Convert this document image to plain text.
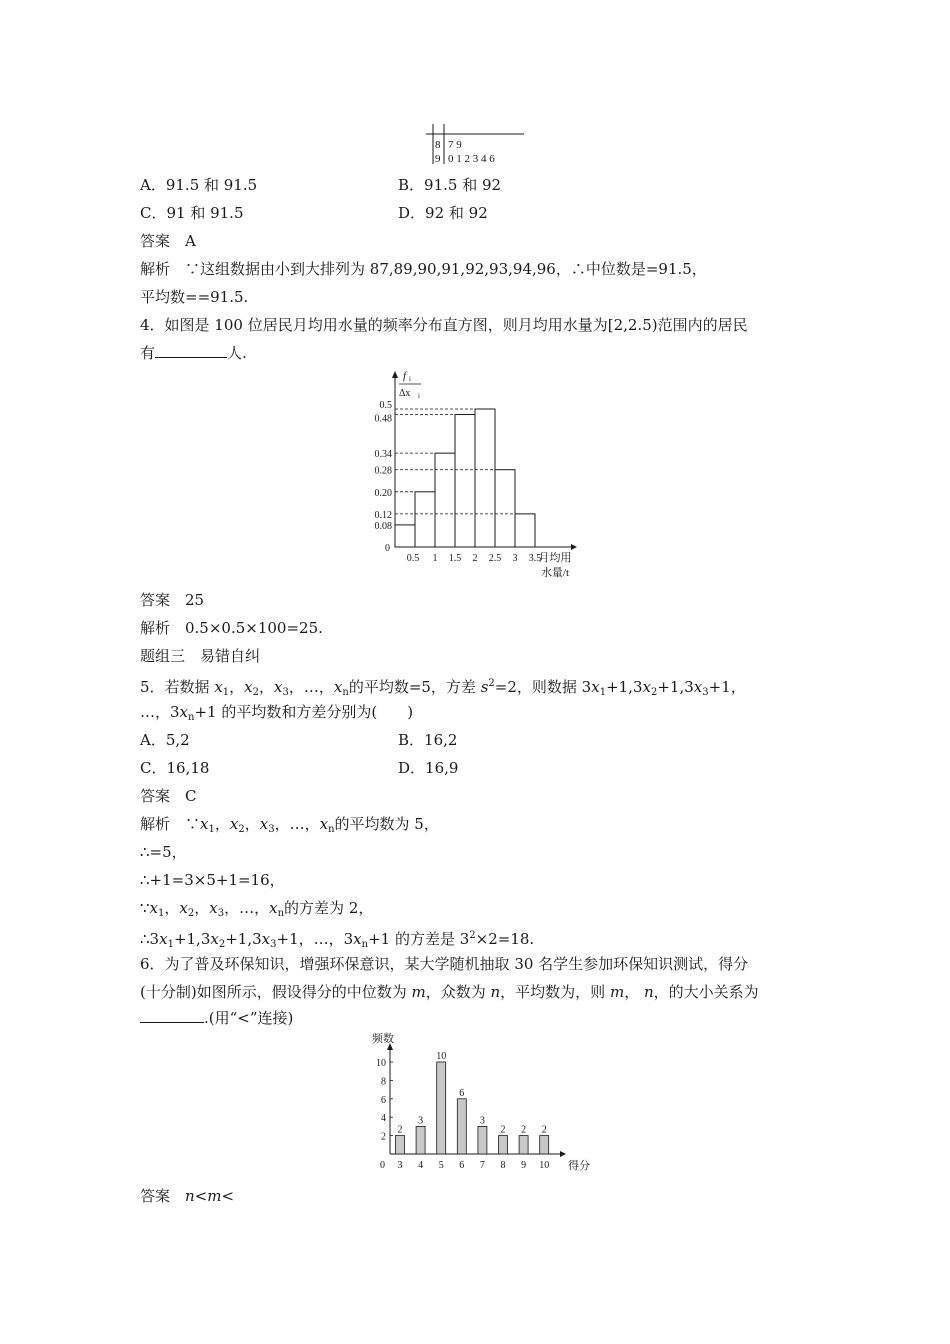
8 7 9
9 0 1 2 3 4 6
A．91.5 和 91.5	B．91.5 和 92
C．91 和 91.5	D．92 和 92
答案　A
解析　∵这组数据由小到大排列为 87,89,90,91,92,93,94,96，∴中位数是=91.5，
平均数==91.5.
4．如图是 100 位居民月均用水量的频率分布直方图，则月均用水量为[2,2.5)范围内的居民
有	人.
f i
Δx i
0.5
0.48
0.34
0.28
0.20
0.12
0.08
0
0.5 1 1.5 2 2.5 3 3.5
月均用
水量/t
答案　25
解析　0.5×0.5×100=25.
题组三　易错自纠
5．若数据 $x_1$，$x_2$，$x_3$，…，$x_n$的平均数=5，方差 $s^2=2$，则数据 $3x_1+1,3x_2+1,3x_3+1$，
…，$3x_n+1$ 的平均数和方差分别为(　　)
A．5,2	B．16,2
C．16,18	D．16,9
答案　C
解析　$\because x_1$，$x_2$，$x_3$，…，$x_n$的平均数为 5，
∴=5，
∴+1=3×5+1=16，
$\because x_1$，$x_2$，$x_3$，…，$x_n$的方差为 2，
$\therefore 3x_1+1,3x_2+1,3x_3+1$，…，$3x_n+1$ 的方差是 $3^2\times 2=18$.
6．为了普及环保知识，增强环保意识，某大学随机抽取 30 名学生参加环保知识测试，得分
(十分制)如图所示，假设得分的中位数为 m，众数为 n，平均数为，则 m， n，的大小关系为
.(用“<”连接)
频数
得分
0
10
8
6
4
2
2
3
3
4
10
5
6
6
3
7
2
8
2
9
2
10
答案　n<m<
